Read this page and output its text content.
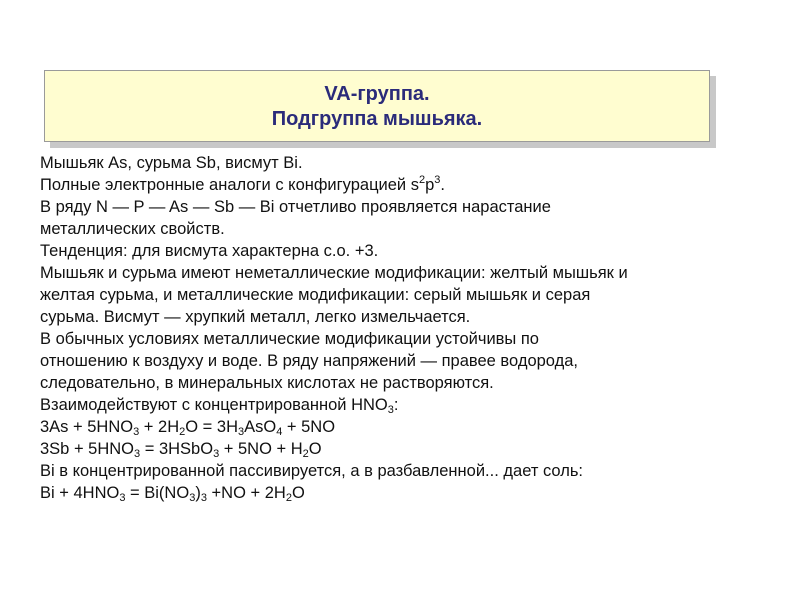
VA-группа.
Подгруппа мышьяка.
Мышьяк As, сурьма Sb, висмут Bi.
Полные электронные аналоги с конфигурацией $s^2p^3$.
В ряду N — P — As — Sb — Bi отчетливо проявляется нарастание
металлических свойств.
Тенденция: для висмута характерна с.о. +3.
Мышьяк и сурьма имеют неметаллические модификации: желтый мышьяк и
желтая сурьма, и металлические модификации: серый мышьяк и серая
сурьма. Висмут — хрупкий металл, легко измельчается.
В обычных условиях металлические модификации устойчивы по
отношению к воздуху и воде. В ряду напряжений — правее водорода,
следовательно, в минеральных кислотах не растворяются.
Взаимодействуют с концентрированной $HNO_3$:
$3As + 5HNO_3 + 2H_2O = 3H_3AsO_4 + 5NO$
$3Sb + 5HNO_3$ = 3HSbO$_3$ + $5NO + H_2O$
Bi в концентрированной пассивируется, а в разбавленной... дает соль:
$Bi + 4HNO_3 = Bi(NO_3)_3 +NO + 2H_2O$
